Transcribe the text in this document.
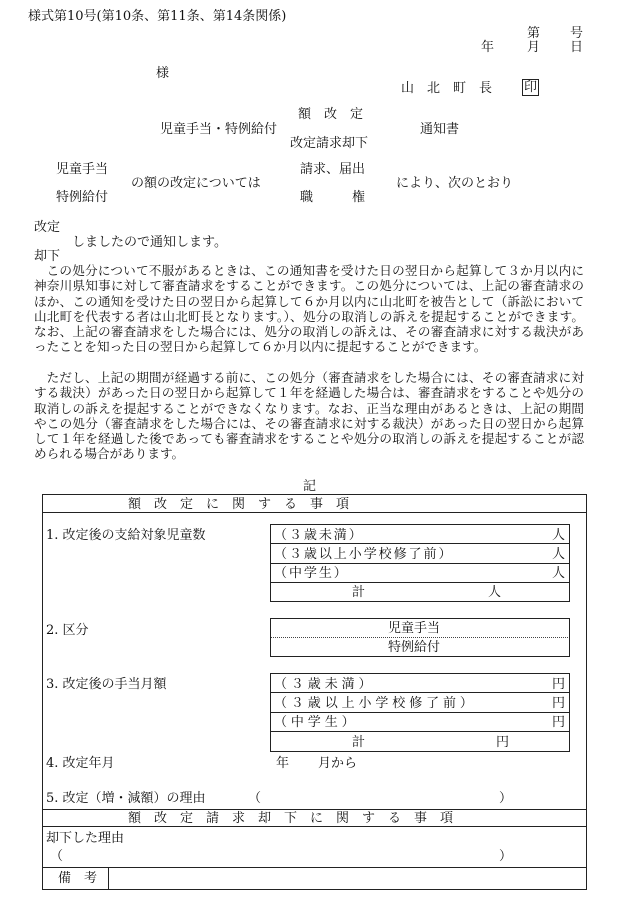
様式第10号(第10条、第11条、第14条関係)
第 号
年	月 日
様
山　北　町　長 印
額　改　定
児童手当・特例給付	通知書
改定請求却下
児童手当	請求、届出
の額の改定については	により、次のとおり
特例給付	職　　　権
改定
しましたので通知します。
却下
この処分について不服があるときは、この通知書を受けた日の翌日から起算して３か月以内に神奈川県知事に対して審査請求をすることができます。この処分については、上記の審査請求のほか、この通知を受けた日の翌日から起算して６か月以内に山北町を被告として（訴訟において山北町を代表する者は山北町長となります。）、処分の取消しの訴えを提起することができます。なお、上記の審査請求をした場合には、処分の取消しの訴えは、その審査請求に対する裁決があったことを知った日の翌日から起算して６か月以内に提起することができます。
ただし、上記の期間が経過する前に、この処分（審査請求をした場合には、その審査請求に対する裁決）があった日の翌日から起算して１年を経過した場合は、審査請求をすることや処分の取消しの訴えを提起することができなくなります。なお、正当な理由があるときは、上記の期間やこの処分（審査請求をした場合には、その審査請求に対する裁決）があった日の翌日から起算して１年を経過した後であっても審査請求をすることや処分の取消しの訴えを提起することが認められる場合があります。
記
額　改　定　に　関　す　る　事　項
1. 改定後の支給対象児童数	（３歳未満）	人
（３歳以上小学校修了前）	人
（中学生）	人
計	人
2. 区分	児童手当
特例給付
3. 改定後の手当月額	（３歳未満）	円
（３歳以上小学校修了前）	円
（中学生）	円
計	円
4. 改定年月	年 月から
5. 改定（増・減額）の理由	（	）
額　改　定　請　求　却　下　に　関　す　る　事　項
却下した理由
（	）
備　考
